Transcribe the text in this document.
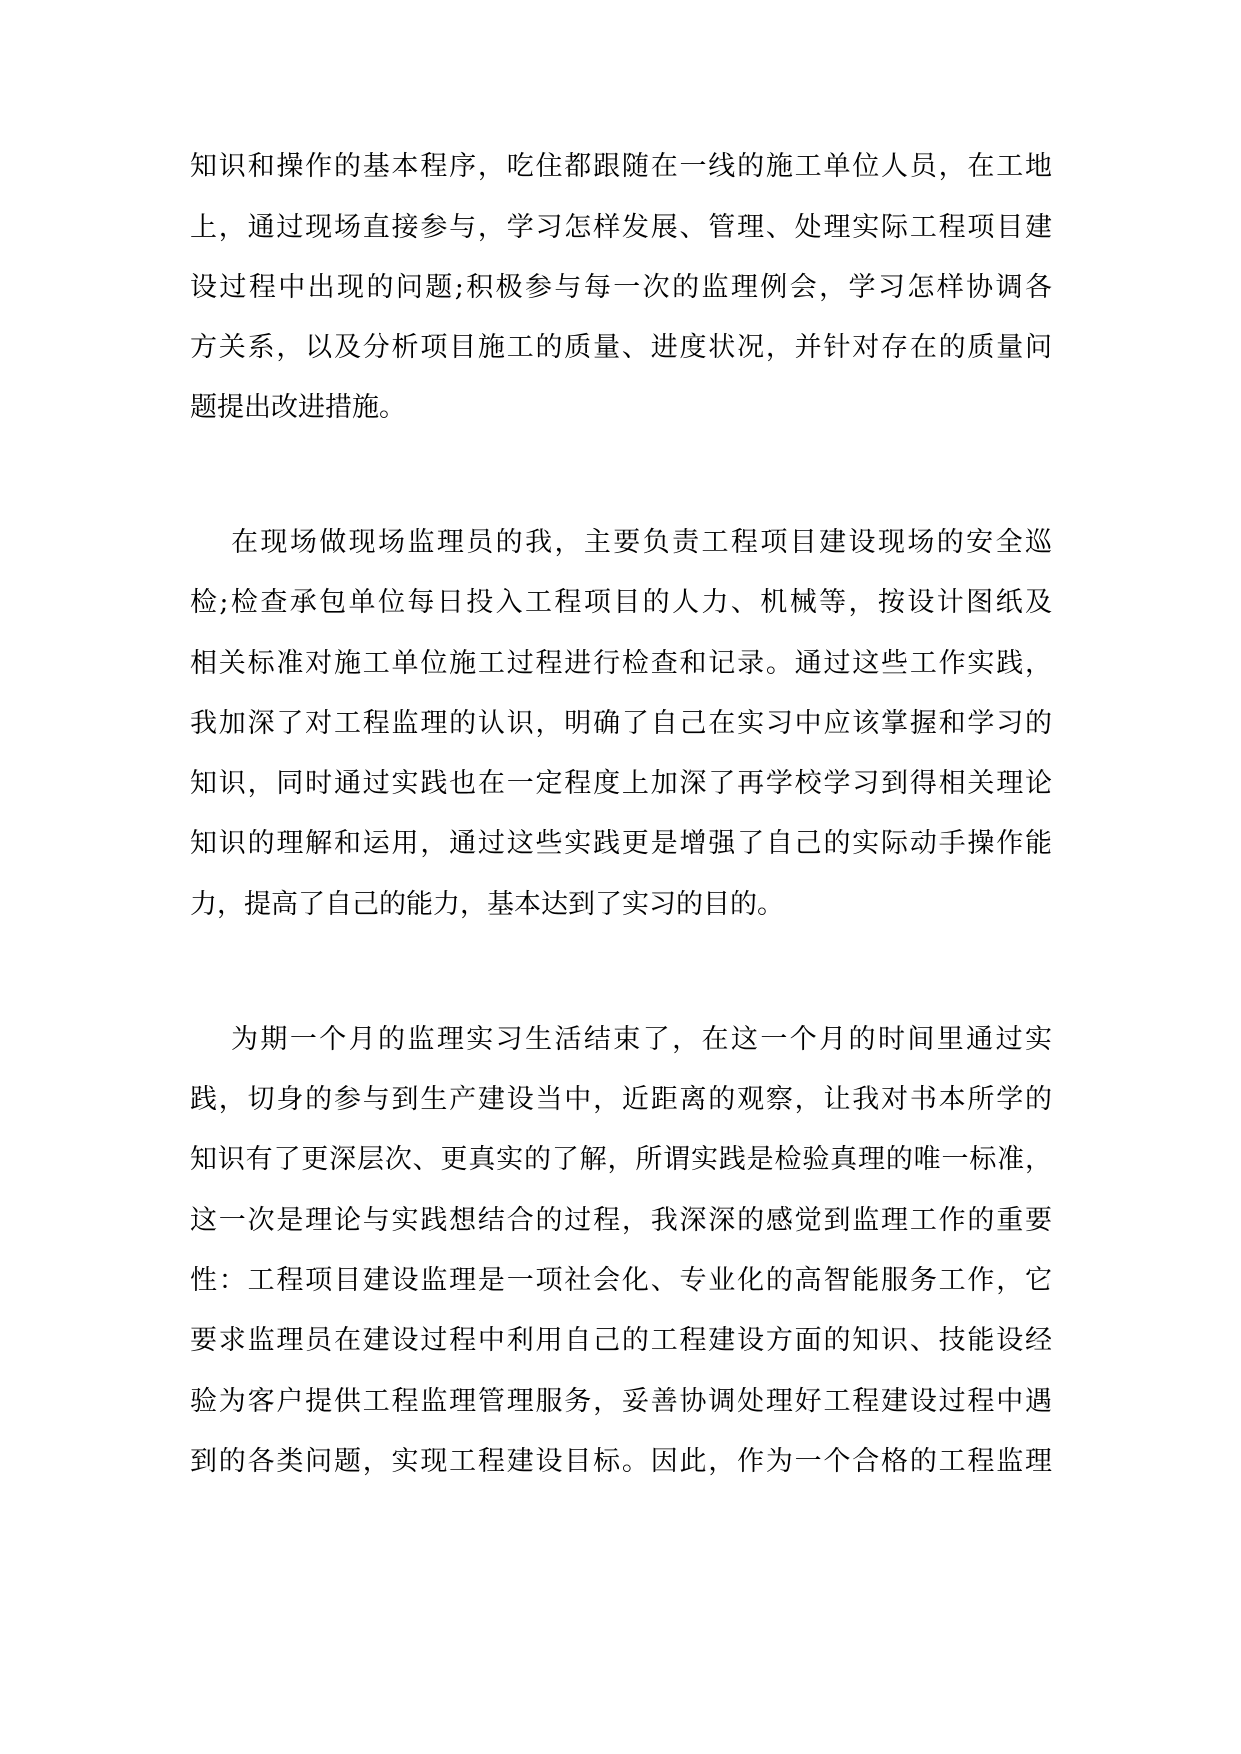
知识和操作的基本程序，吃住都跟随在一线的施工单位人员，在工地
上，通过现场直接参与，学习怎样发展、管理、处理实际工程项目建
设过程中出现的问题;积极参与每一次的监理例会，学习怎样协调各
方关系，以及分析项目施工的质量、进度状况，并针对存在的质量问
题提出改进措施。
在现场做现场监理员的我，主要负责工程项目建设现场的安全巡
检;检查承包单位每日投入工程项目的人力、机械等，按设计图纸及
相关标准对施工单位施工过程进行检查和记录。通过这些工作实践，
我加深了对工程监理的认识，明确了自己在实习中应该掌握和学习的
知识，同时通过实践也在一定程度上加深了再学校学习到得相关理论
知识的理解和运用，通过这些实践更是增强了自己的实际动手操作能
力，提高了自己的能力，基本达到了实习的目的。
为期一个月的监理实习生活结束了，在这一个月的时间里通过实
践，切身的参与到生产建设当中，近距离的观察，让我对书本所学的
知识有了更深层次、更真实的了解，所谓实践是检验真理的唯一标准，
这一次是理论与实践想结合的过程，我深深的感觉到监理工作的重要
性：工程项目建设监理是一项社会化、专业化的高智能服务工作，它
要求监理员在建设过程中利用自己的工程建设方面的知识、技能设经
验为客户提供工程监理管理服务，妥善协调处理好工程建设过程中遇
到的各类问题，实现工程建设目标。因此，作为一个合格的工程监理
